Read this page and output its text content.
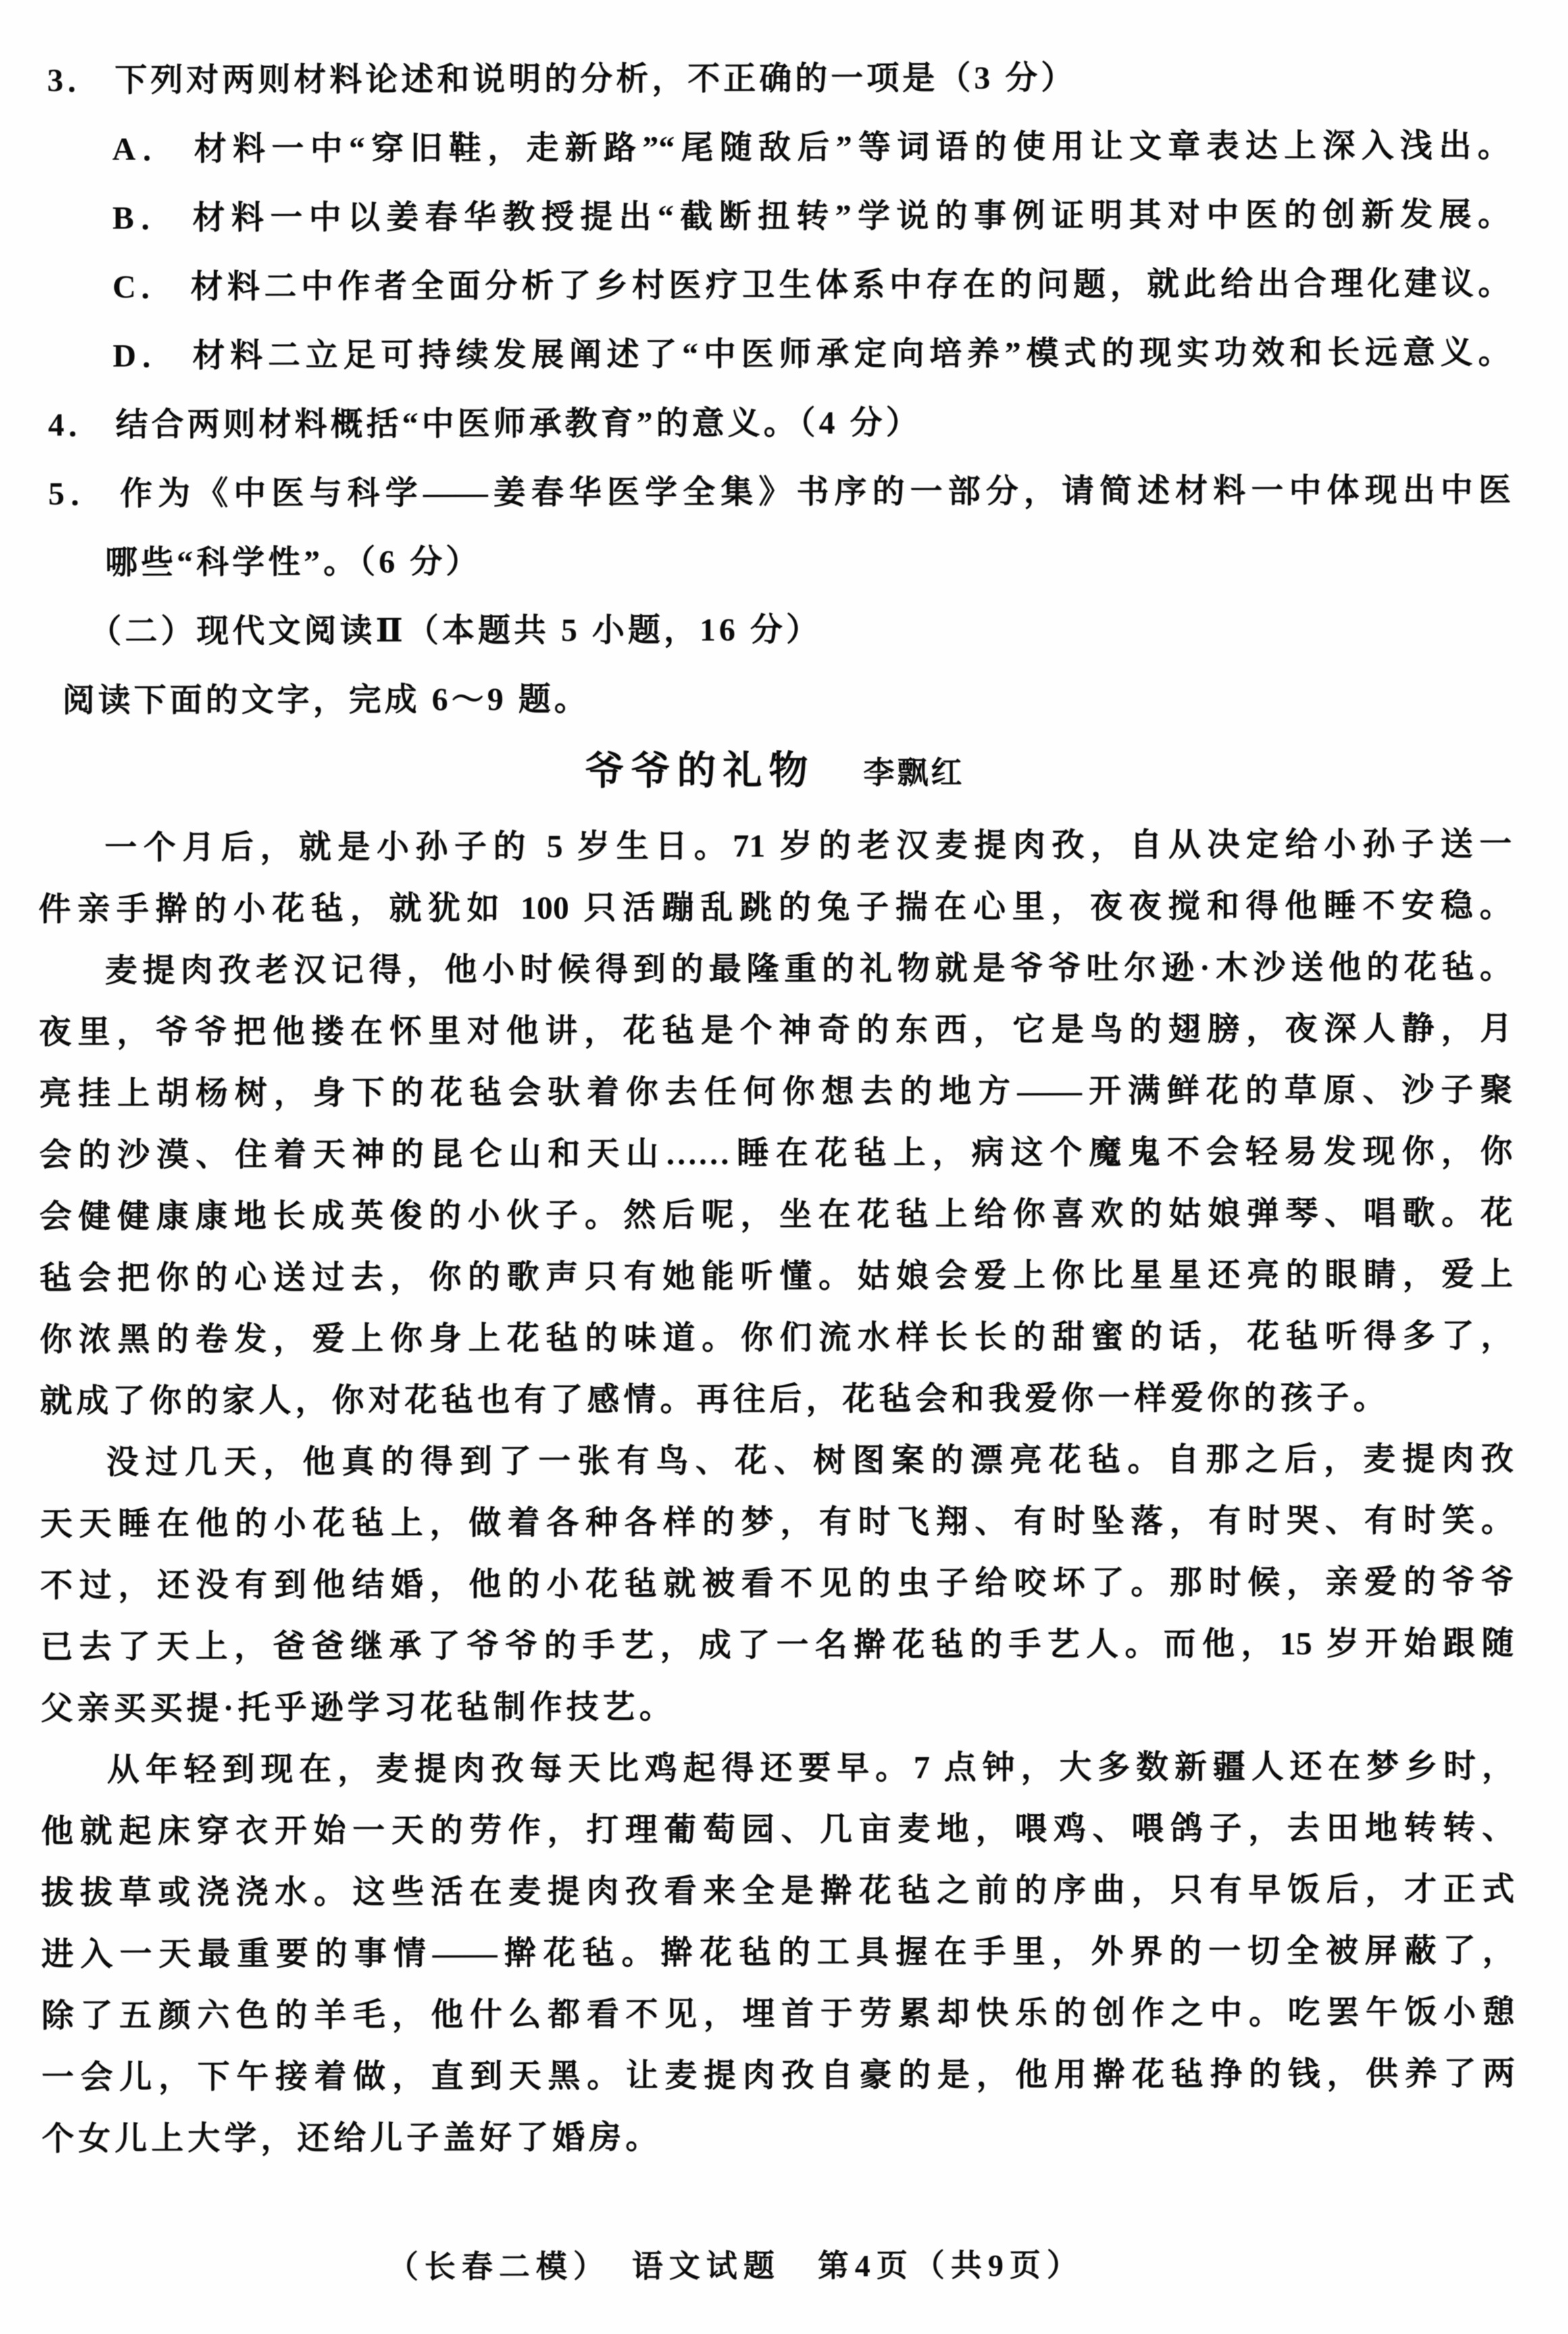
3． 下列对两则材料论述和说明的分析，不正确的一项是（3 分）
A． 材料一中“穿旧鞋，走新路”“尾随敌后”等词语的使用让文章表达上深入浅出。
B． 材料一中以姜春华教授提出“截断扭转”学说的事例证明其对中医的创新发展。
C． 材料二中作者全面分析了乡村医疗卫生体系中存在的问题，就此给出合理化建议。
D． 材料二立足可持续发展阐述了“中医师承定向培养”模式的现实功效和长远意义。
4． 结合两则材料概括“中医师承教育”的意义。（4 分）
5． 作为《中医与科学——姜春华医学全集》书序的一部分，请简述材料一中体现出中医
哪些“科学性”。（6 分）
（二）现代文阅读Ⅱ（本题共 5 小题，16 分）
阅读下面的文字，完成 6～9 题。
爷爷的礼物 李飘红
一个月后，就是小孙子的 5 岁生日。71 岁的老汉麦提肉孜，自从决定给小孙子送一
件亲手擀的小花毡，就犹如 100 只活蹦乱跳的兔子揣在心里，夜夜搅和得他睡不安稳。
麦提肉孜老汉记得，他小时候得到的最隆重的礼物就是爷爷吐尔逊·木沙送他的花毡。
夜里，爷爷把他搂在怀里对他讲，花毡是个神奇的东西，它是鸟的翅膀，夜深人静，月
亮挂上胡杨树，身下的花毡会驮着你去任何你想去的地方——开满鲜花的草原、沙子聚
会的沙漠、住着天神的昆仑山和天山……睡在花毡上，病这个魔鬼不会轻易发现你，你
会健健康康地长成英俊的小伙子。然后呢，坐在花毡上给你喜欢的姑娘弹琴、唱歌。花
毡会把你的心送过去，你的歌声只有她能听懂。姑娘会爱上你比星星还亮的眼睛，爱上
你浓黑的卷发，爱上你身上花毡的味道。你们流水样长长的甜蜜的话，花毡听得多了，
就成了你的家人，你对花毡也有了感情。再往后，花毡会和我爱你一样爱你的孩子。
没过几天，他真的得到了一张有鸟、花、树图案的漂亮花毡。自那之后，麦提肉孜
天天睡在他的小花毡上，做着各种各样的梦，有时飞翔、有时坠落，有时哭、有时笑。
不过，还没有到他结婚，他的小花毡就被看不见的虫子给咬坏了。那时候，亲爱的爷爷
已去了天上，爸爸继承了爷爷的手艺，成了一名擀花毡的手艺人。而他，15 岁开始跟随
父亲买买提·托乎逊学习花毡制作技艺。
从年轻到现在，麦提肉孜每天比鸡起得还要早。7 点钟，大多数新疆人还在梦乡时，
他就起床穿衣开始一天的劳作，打理葡萄园、几亩麦地，喂鸡、喂鸽子，去田地转转、
拔拔草或浇浇水。这些活在麦提肉孜看来全是擀花毡之前的序曲，只有早饭后，才正式
进入一天最重要的事情——擀花毡。擀花毡的工具握在手里，外界的一切全被屏蔽了，
除了五颜六色的羊毛，他什么都看不见，埋首于劳累却快乐的创作之中。吃罢午饭小憩
一会儿，下午接着做，直到天黑。让麦提肉孜自豪的是，他用擀花毡挣的钱，供养了两
个女儿上大学，还给儿子盖好了婚房。
（长春二模）　语文试题　第4页（共9页）
